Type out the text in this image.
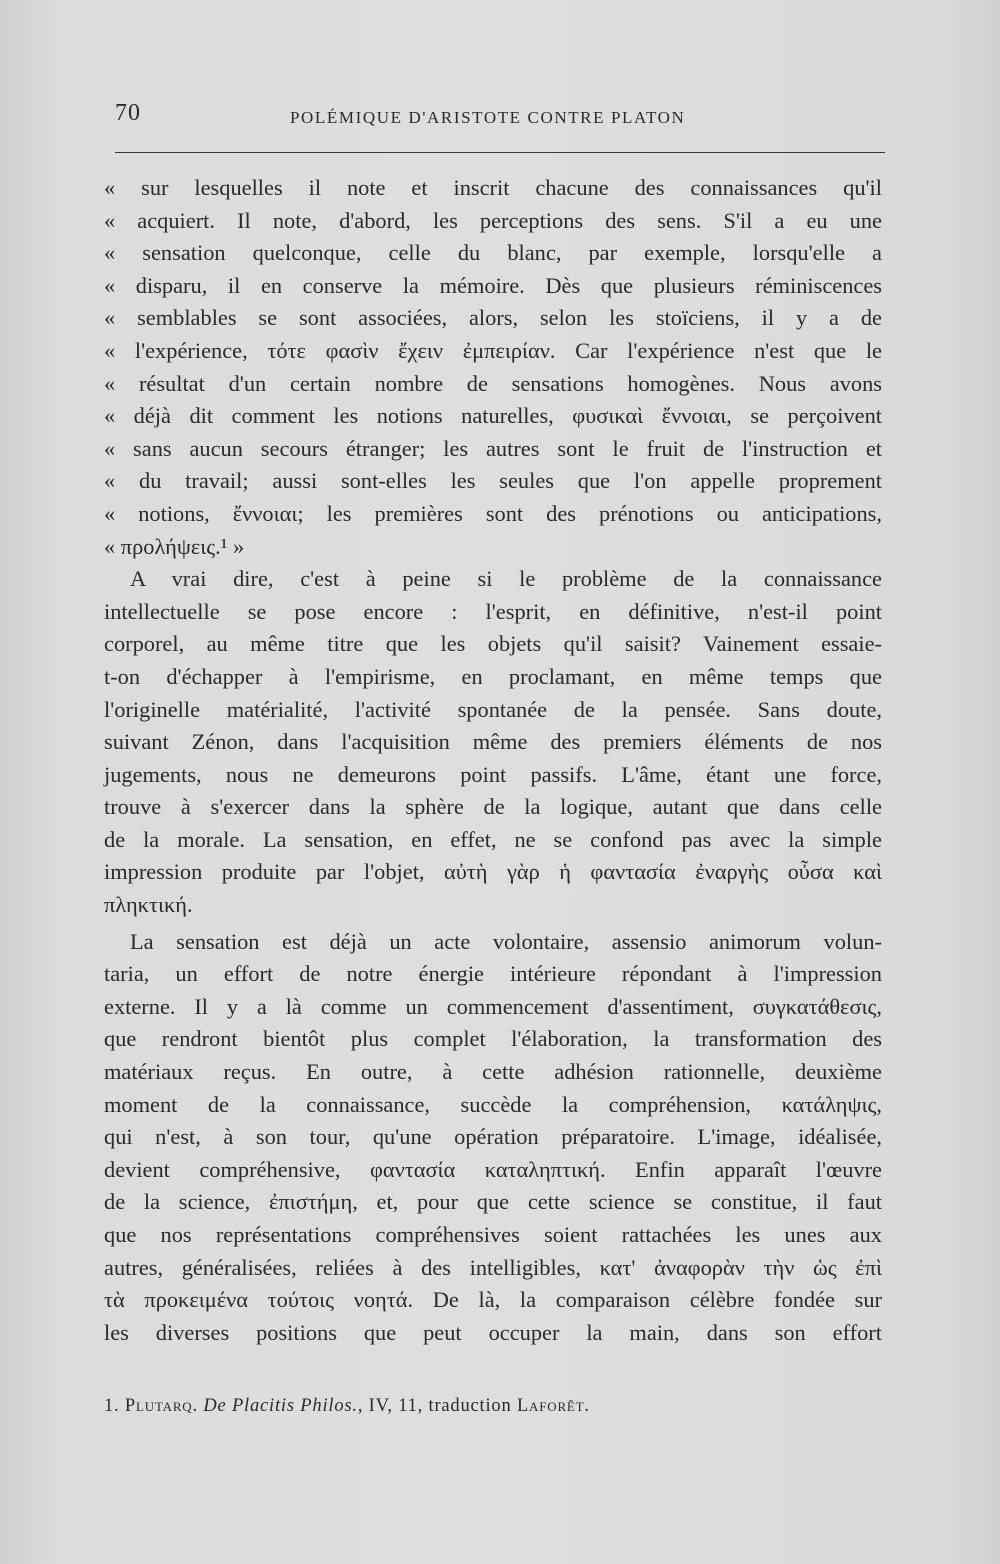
70	POLÉMIQUE D'ARISTOTE CONTRE PLATON

« sur lesquelles il note et inscrit chacune des connaissances qu'il
« acquiert. Il note, d'abord, les perceptions des sens. S'il a eu une
« sensation quelconque, celle du blanc, par exemple, lorsqu'elle a
« disparu, il en conserve la mémoire. Dès que plusieurs réminiscences
« semblables se sont associées, alors, selon les stoïciens, il y a de
« l'expérience, τότε φασὶν ἔχειν ἐμπειρίαν. Car l'expérience n'est que le
« résultat d'un certain nombre de sensations homogènes. Nous avons
« déjà dit comment les notions naturelles, φυσικαὶ ἔννοιαι, se perçoivent
« sans aucun secours étranger; les autres sont le fruit de l'instruction et
« du travail; aussi sont-elles les seules que l'on appelle proprement
« notions, ἔννοιαι; les premières sont des prénotions ou anticipations,
« προλήψεις.¹ »

A vrai dire, c'est à peine si le problème de la connaissance
intellectuelle se pose encore : l'esprit, en définitive, n'est-il point
corporel, au même titre que les objets qu'il saisit? Vainement essaie-
t-on d'échapper à l'empirisme, en proclamant, en même temps que
l'originelle matérialité, l'activité spontanée de la pensée. Sans doute,
suivant Zénon, dans l'acquisition même des premiers éléments de nos
jugements, nous ne demeurons point passifs. L'âme, étant une force,
trouve à s'exercer dans la sphère de la logique, autant que dans celle
de la morale. La sensation, en effet, ne se confond pas avec la simple
impression produite par l'objet, αὐτὴ γὰρ ἡ φαντασία ἐναργὴς οὖσα καὶ
πληκτική.

La sensation est déjà un acte volontaire, assensio animorum volun-
taria, un effort de notre énergie intérieure répondant à l'impression
externe. Il y a là comme un commencement d'assentiment, συγκατάθεσις,
que rendront bientôt plus complet l'élaboration, la transformation des
matériaux reçus. En outre, à cette adhésion rationnelle, deuxième
moment de la connaissance, succède la compréhension, κατάληψις,
qui n'est, à son tour, qu'une opération préparatoire. L'image, idéalisée,
devient compréhensive, φαντασία καταληπτική. Enfin apparaît l'œuvre
de la science, ἐπιστήμη, et, pour que cette science se constitue, il faut
que nos représentations compréhensives soient rattachées les unes aux
autres, généralisées, reliées à des intelligibles, κατ' ἀναφορὰν τὴν ὡς ἐπὶ
τὰ προκειμένα τούτοις νοητά. De là, la comparaison célèbre fondée sur
les diverses positions que peut occuper la main, dans son effort

1. Plutarq. De Placitis Philos., IV, 11, traduction Laforêt.
